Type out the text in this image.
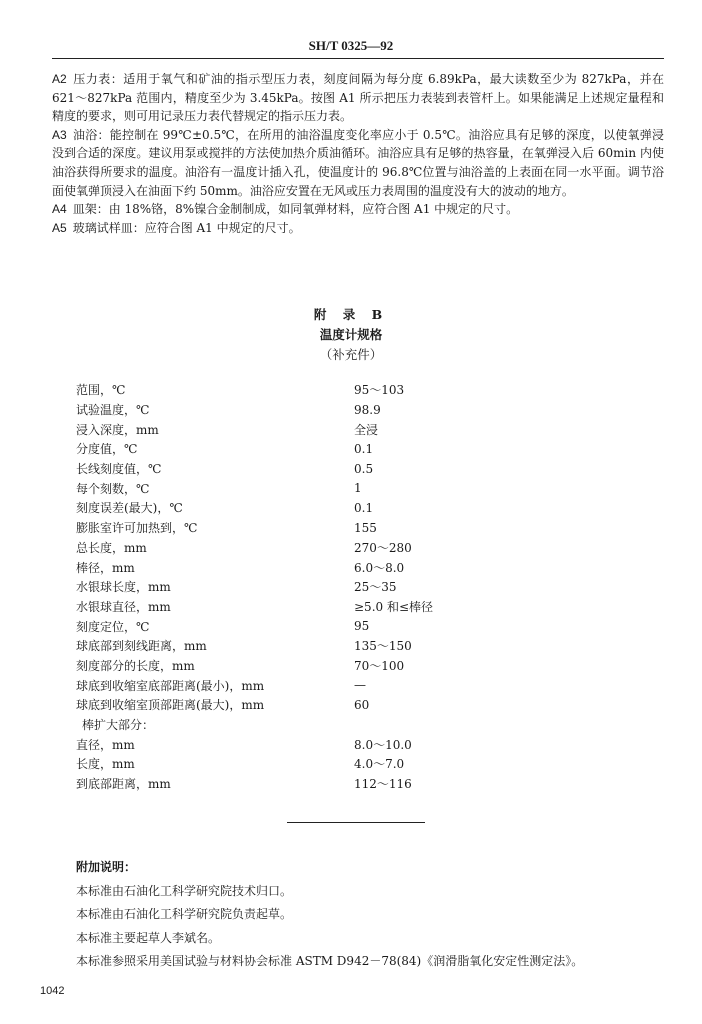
SH/T 0325—92

A2 压力表：适用于氧气和矿油的指示型压力表，刻度间隔为每分度 6.89kPa，最大读数至少为 827kPa，并在 621～827kPa 范围内，精度至少为 3.45kPa。按图 A1 所示把压力表装到表管杆上。如果能满足上述规定量程和精度的要求，则可用记录压力表代替规定的指示压力表。

A3 油浴：能控制在 99℃±0.5℃，在所用的油浴温度变化率应小于 0.5℃。油浴应具有足够的深度，以使氧弹浸没到合适的深度。建议用泵或搅拌的方法使加热介质油循环。油浴应具有足够的热容量，在氧弹浸入后 60min 内使油浴获得所要求的温度。油浴有一温度计插入孔，使温度计的 96.8℃位置与油浴盖的上表面在同一水平面。调节浴面使氧弹顶浸入在油面下约 50mm。油浴应安置在无风或压力表周围的温度没有大的波动的地方。

A4 皿架：由 18%铬，8%镍合金制制成，如同氧弹材料，应符合图 A1 中规定的尺寸。

A5 玻璃试样皿：应符合图 A1 中规定的尺寸。

附 录 B
温度计规格
（补充件）
范围，℃	95～103
试验温度，℃	98.9
浸入深度，mm	全浸
分度值，℃	0.1
长线刻度值，℃	0.5
每个刻数，℃	1
刻度误差(最大)，℃	0.1
膨胀室许可加热到，℃	155
总长度，mm	270～280
棒径，mm	6.0～8.0
水银球长度，mm	25～35
水银球直径，mm	≥5.0 和≤棒径
刻度定位，℃	95
球底部到刻线距离，mm	135～150
刻度部分的长度，mm	70～100
球底到收缩室底部距离(最小)，mm	—
球底到收缩室顶部距离(最大)，mm	60
棒扩大部分：
直径，mm	8.0～10.0
长度，mm	4.0～7.0
到底部距离，mm	112～116
附加说明：
本标准由石油化工科学研究院技术归口。
本标准由石油化工科学研究院负责起草。
本标准主要起草人李斌名。
本标准参照采用美国试验与材料协会标准 ASTM D942－78(84)《润滑脂氧化安定性测定法》。
1042
